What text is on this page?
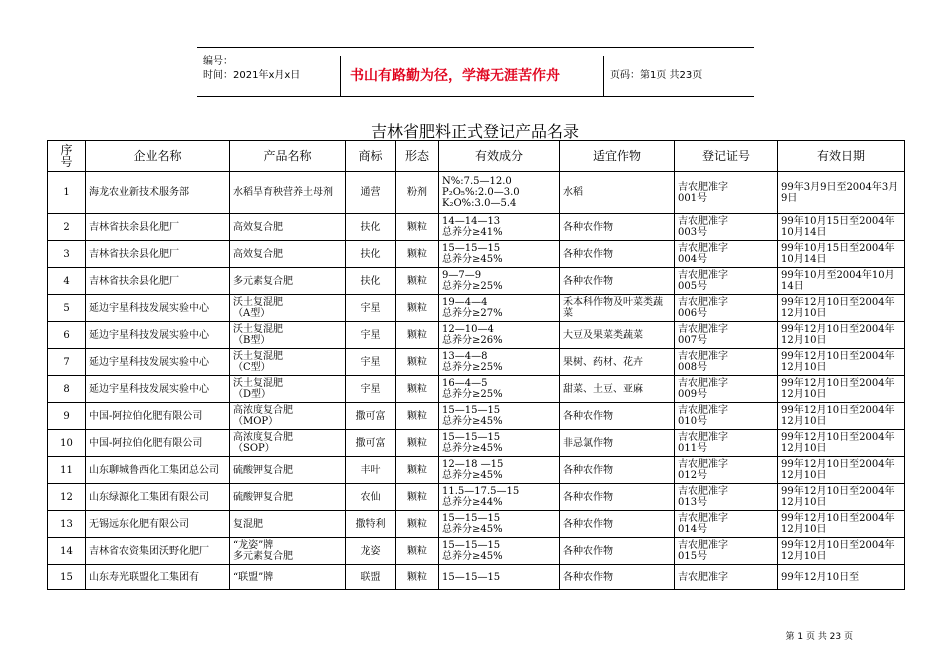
编号：
时间：2021年x月x日	书山有路勤为径，学海无涯苦作舟	页码：第1页 共23页
吉林省肥料正式登记产品名录
序号	企业名称	产品名称	商标	形态	有效成分	适宜作物	登记证号	有效日期
1	海龙农业新技术服务部	水稻旱育秧营养土母剂	通营	粉剂	N%:7.5—12.0
P₂O₅%:2.0—3.0
K₂O%:3.0—5.4	水稻	吉农肥准字
001号	99年3月9日至2004年3月9日
2	吉林省扶余县化肥厂	高效复合肥	扶化	颗粒	14—14—13
总养分≥41%	各种农作物	吉农肥准字
003号	99年10月15日至2004年10月14日
3	吉林省扶余县化肥厂	高效复合肥	扶化	颗粒	15—15—15
总养分≥45%	各种农作物	吉农肥准字
004号	99年10月15日至2004年10月14日
4	吉林省扶余县化肥厂	多元素复合肥	扶化	颗粒	9—7—9
总养分≥25%	各种农作物	吉农肥准字
005号	99年10月至2004年10月14日
5	延边宇星科技发展实验中心	沃土复混肥
（A型）	宇星	颗粒	19—4—4
总养分≥27%	禾本科作物及叶菜类蔬菜	吉农肥准字
006号	99年12月10日至2004年12月10日
6	延边宇星科技发展实验中心	沃土复混肥
（B型）	宇星	颗粒	12—10—4
总养分≥26%	大豆及果菜类蔬菜	吉农肥准字
007号	99年12月10日至2004年12月10日
7	延边宇星科技发展实验中心	沃土复混肥
（C型）	宇星	颗粒	13—4—8
总养分≥25%	果树、药材、花卉	吉农肥准字
008号	99年12月10日至2004年12月10日
8	延边宇星科技发展实验中心	沃土复混肥
（D型）	宇星	颗粒	16—4—5
总养分≥25%	甜菜、土豆、亚麻	吉农肥准字
009号	99年12月10日至2004年12月10日
9	中国-阿拉伯化肥有限公司	高浓度复合肥
（MOP）	撒可富	颗粒	15—15—15
总养分≥45%	各种农作物	吉农肥准字
010号	99年12月10日至2004年12月10日
10	中国-阿拉伯化肥有限公司	高浓度复合肥
（SOP）	撒可富	颗粒	15—15—15
总养分≥45%	非忌氯作物	吉农肥准字
011号	99年12月10日至2004年12月10日
11	山东聊城鲁西化工集团总公司	硫酸钾复合肥	丰叶	颗粒	12—18 —15
总养分≥45%	各种农作物	吉农肥准字
012号	99年12月10日至2004年12月10日
12	山东绿源化工集团有限公司	硫酸钾复合肥	农仙	颗粒	11.5—17.5—15
总养分≥44%	各种农作物	吉农肥准字
013号	99年12月10日至2004年12月10日
13	无锡远东化肥有限公司	复混肥	撒特利	颗粒	15—15—15
总养分≥45%	各种农作物	吉农肥准字
014号	99年12月10日至2004年12月10日
14	吉林省农资集团沃野化肥厂	“龙姿”牌
多元素复合肥	龙姿	颗粒	15—15—15
总养分≥45%	各种农作物	吉农肥准字
015号	99年12月10日至2004年12月10日
15	山东寿光联盟化工集团有	“联盟”牌	联盟	颗粒	15—15—15	各种农作物	吉农肥准字	99年12月10日至
第 1 页 共 23 页
